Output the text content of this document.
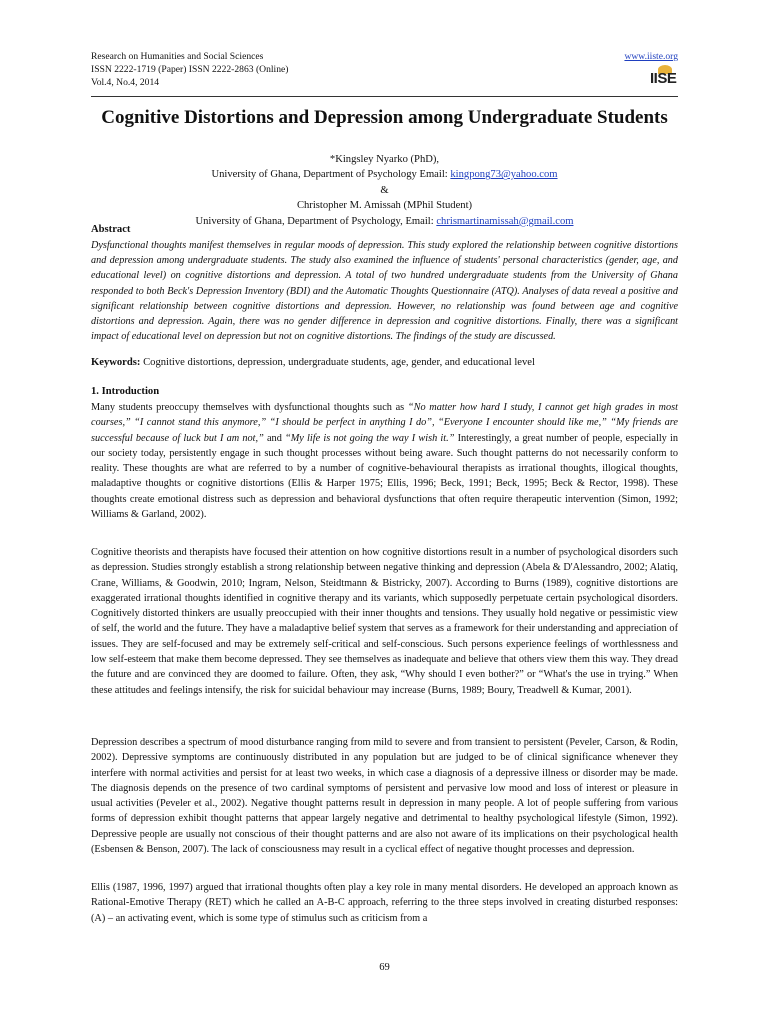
Research on Humanities and Social Sciences
ISSN 2222-1719 (Paper) ISSN 2222-2863 (Online)
Vol.4, No.4, 2014
www.iiste.org
IISE
Cognitive Distortions and Depression among Undergraduate Students
*Kingsley Nyarko (PhD),
University of Ghana, Department of Psychology Email: kingpong73@yahoo.com
&
Christopher M. Amissah (MPhil Student)
University of Ghana, Department of Psychology, Email: chrismartinamissah@gmail.com
Abstract
Dysfunctional thoughts manifest themselves in regular moods of depression. This study explored the relationship between cognitive distortions and depression among undergraduate students. The study also examined the influence of students' personal characteristics (gender, age, and educational level) on cognitive distortions and depression. A total of two hundred undergraduate students from the University of Ghana responded to both Beck's Depression Inventory (BDI) and the Automatic Thoughts Questionnaire (ATQ). Analyses of data reveal a positive and significant relationship between cognitive distortions and depression. However, no relationship was found between age and cognitive distortions and depression. Again, there was no gender difference in depression and cognitive distortions. Finally, there was a significant impact of educational level on depression but not on cognitive distortions. The findings of the study are discussed.
Keywords: Cognitive distortions, depression, undergraduate students, age, gender, and educational level
1. Introduction
Many students preoccupy themselves with dysfunctional thoughts such as “No matter how hard I study, I cannot get high grades in most courses,” “I cannot stand this anymore,” “I should be perfect in anything I do”, “Everyone I encounter should like me,” “My friends are successful because of luck but I am not,” and “My life is not going the way I wish it.” Interestingly, a great number of people, especially in our society today, persistently engage in such thought processes without being aware. Such thought patterns do not necessarily conform to reality. These thoughts are what are referred to by a number of cognitive-behavioural therapists as irrational thoughts, illogical thoughts, maladaptive thoughts or cognitive distortions (Ellis & Harper 1975; Ellis, 1996; Beck, 1991; Beck, 1995; Beck & Rector, 1998). These thoughts create emotional distress such as depression and behavioral dysfunctions that often require therapeutic intervention (Simon, 1992; Williams & Garland, 2002).
Cognitive theorists and therapists have focused their attention on how cognitive distortions result in a number of psychological disorders such as depression. Studies strongly establish a strong relationship between negative thinking and depression (Abela & D'Alessandro, 2002; Alatiq, Crane, Williams, & Goodwin, 2010; Ingram, Nelson, Steidtmann & Bistricky, 2007). According to Burns (1989), cognitive distortions are exaggerated irrational thoughts identified in cognitive therapy and its variants, which supposedly perpetuate certain psychological disorders. Cognitively distorted thinkers are usually preoccupied with their inner thoughts and tensions. They usually hold negative or pessimistic view of self, the world and the future. They have a maladaptive belief system that serves as a framework for their understanding and appreciation of issues. They are self-focused and may be extremely self-critical and self-conscious. Such persons experience feelings of worthlessness and low self-esteem that make them become depressed. They see themselves as inadequate and believe that others view them this way. They dread the future and are convinced they are doomed to failure. Often, they ask, “Why should I even bother?” or “What's the use in trying.” When these attitudes and feelings intensify, the risk for suicidal behaviour may increase (Burns, 1989; Boury, Treadwell & Kumar, 2001).
Depression describes a spectrum of mood disturbance ranging from mild to severe and from transient to persistent (Peveler, Carson, & Rodin, 2002). Depressive symptoms are continuously distributed in any population but are judged to be of clinical significance whenever they interfere with normal activities and persist for at least two weeks, in which case a diagnosis of a depressive illness or disorder may be made. The diagnosis depends on the presence of two cardinal symptoms of persistent and pervasive low mood and loss of interest or pleasure in usual activities (Peveler et al., 2002). Negative thought patterns result in depression in many people. A lot of people suffering from various forms of depression exhibit thought patterns that appear largely negative and detrimental to healthy psychological lifestyle (Simon, 1992). Depressive people are usually not conscious of their thought patterns and are also not aware of its implications on their psychological health (Esbensen & Benson, 2007). The lack of consciousness may result in a cyclical effect of negative thought processes and depression.
Ellis (1987, 1996, 1997) argued that irrational thoughts often play a key role in many mental disorders. He developed an approach known as Rational-Emotive Therapy (RET) which he called an A-B-C approach, referring to the three steps involved in creating disturbed responses: (A) – an activating event, which is some type of stimulus such as criticism from a
69
